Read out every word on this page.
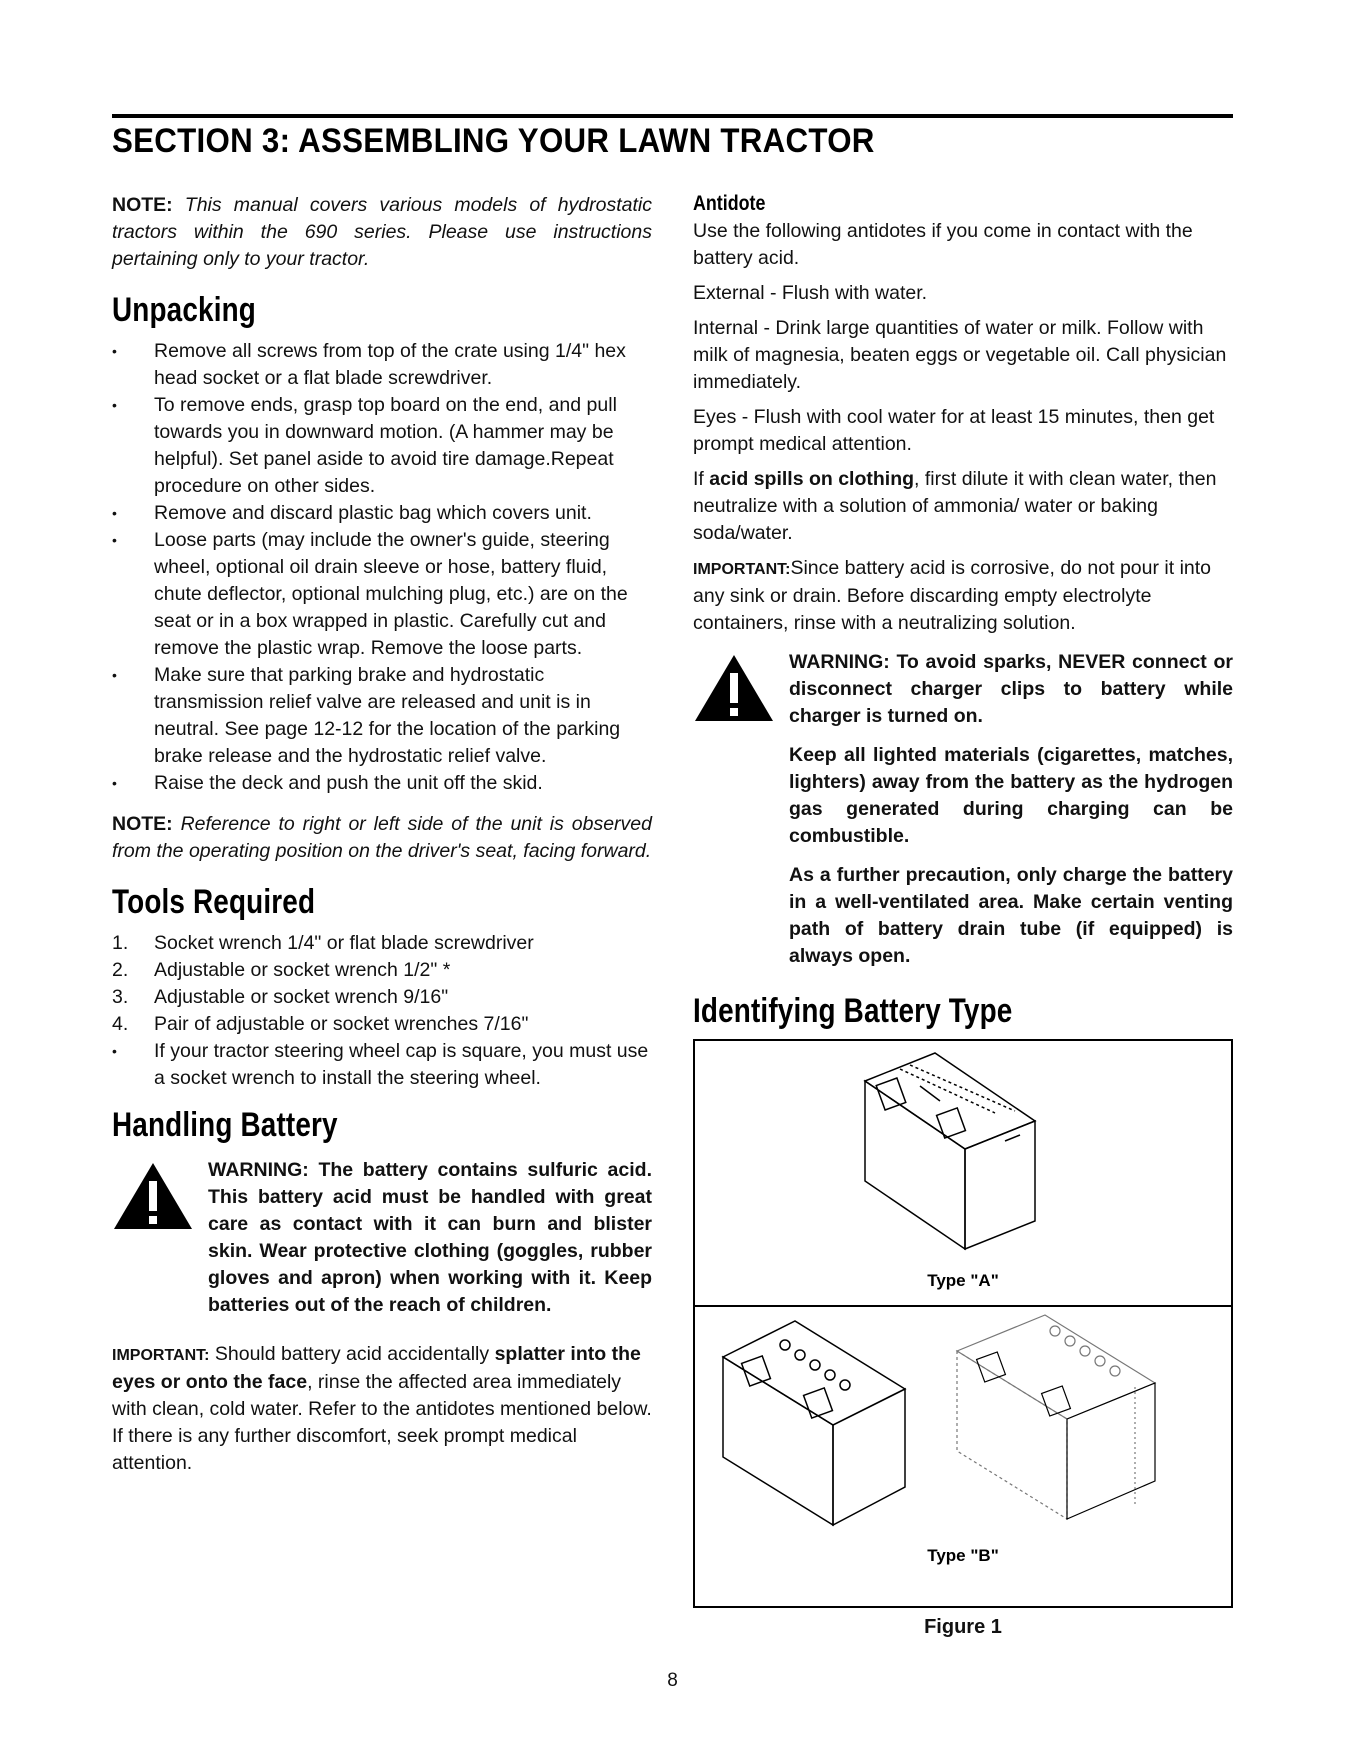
SECTION 3: ASSEMBLING YOUR LAWN TRACTOR

NOTE: This manual covers various models of hydrostatic tractors within the 690 series. Please use instructions pertaining only to your tractor.

Unpacking
• Remove all screws from top of the crate using 1/4" hex head socket or a flat blade screwdriver.
• To remove ends, grasp top board on the end, and pull towards you in downward motion. (A hammer may be helpful). Set panel aside to avoid tire damage.Repeat procedure on other sides.
• Remove and discard plastic bag which covers unit.
• Loose parts (may include the owner's guide, steering wheel, optional oil drain sleeve or hose, battery fluid, chute deflector, optional mulching plug, etc.) are on the seat or in a box wrapped in plastic. Carefully cut and remove the plastic wrap. Remove the loose parts.
• Make sure that parking brake and hydrostatic transmission relief valve are released and unit is in neutral. See page 12-12 for the location of the parking brake release and the hydrostatic relief valve.
• Raise the deck and push the unit off the skid.

NOTE: Reference to right or left side of the unit is observed from the operating position on the driver's seat, facing forward.

Tools Required
1. Socket wrench 1/4" or flat blade screwdriver
2. Adjustable or socket wrench 1/2" *
3. Adjustable or socket wrench 9/16"
4. Pair of adjustable or socket wrenches 7/16"
• If your tractor steering wheel cap is square, you must use a socket wrench to install the steering wheel.
Handling Battery

WARNING: The battery contains sulfuric acid. This battery acid must be handled with great care as contact with it can burn and blister skin. Wear protective clothing (goggles, rubber gloves and apron) when working with it. Keep batteries out of the reach of children.

IMPORTANT: Should battery acid accidentally splatter into the eyes or onto the face, rinse the affected area immediately with clean, cold water. Refer to the antidotes mentioned below. If there is any further discomfort, seek prompt medical attention.

Antidote

Use the following antidotes if you come in contact with the battery acid.

External - Flush with water.

Internal - Drink large quantities of water or milk. Follow with milk of magnesia, beaten eggs or vegetable oil. Call physician immediately.

Eyes - Flush with cool water for at least 15 minutes, then get prompt medical attention.

If acid spills on clothing, first dilute it with clean water, then neutralize with a solution of ammonia/ water or baking soda/water.

IMPORTANT:Since battery acid is corrosive, do not pour it into any sink or drain. Before discarding empty electrolyte containers, rinse with a neutralizing solution.

WARNING: To avoid sparks, NEVER connect or disconnect charger clips to battery while charger is turned on.

Keep all lighted materials (cigarettes, matches, lighters) away from the battery as the hydrogen gas generated during charging can be combustible.

As a further precaution, only charge the battery in a well-ventilated area. Make certain venting path of battery drain tube (if equipped) is always open.

Identifying Battery Type
Type "A"
Type "B"
Figure 1
8
